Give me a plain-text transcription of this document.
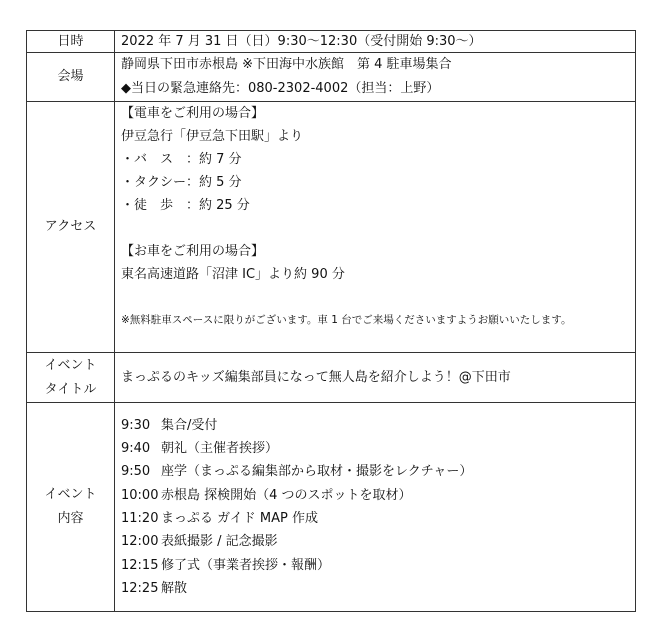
日時	2022 年 7 月 31 日（日）9:30～12:30（受付開始 9:30～）
会場
静岡県下田市赤根島 ※下田海中水族館　第 4 駐車場集合
◆当日の緊急連絡先：080-2302-4002（担当：上野）
アクセス
【電車をご利用の場合】
伊豆急行「伊豆急下田駅」より
・バ　ス　：約 7 分
・タクシー：約 5 分
・徒　歩　：約 25 分
【お車をご利用の場合】
東名高速道路「沼津 IC」より約 90 分
※無料駐車スペースに限りがございます。車 1 台でご来場くださいますようお願いいたします。
イベント
タイトル
まっぷるのキッズ編集部員になって無人島を紹介しよう！@下田市
イベント
内容
9:30 集合/受付
9:40 朝礼（主催者挨拶）
9:50 座学（まっぷる編集部から取材・撮影をレクチャー）
10:00 赤根島 探検開始（4 つのスポットを取材）
11:20 まっぷる ガイド MAP 作成
12:00 表紙撮影 / 記念撮影
12:15 修了式（事業者挨拶・報酬）
12:25 解散
